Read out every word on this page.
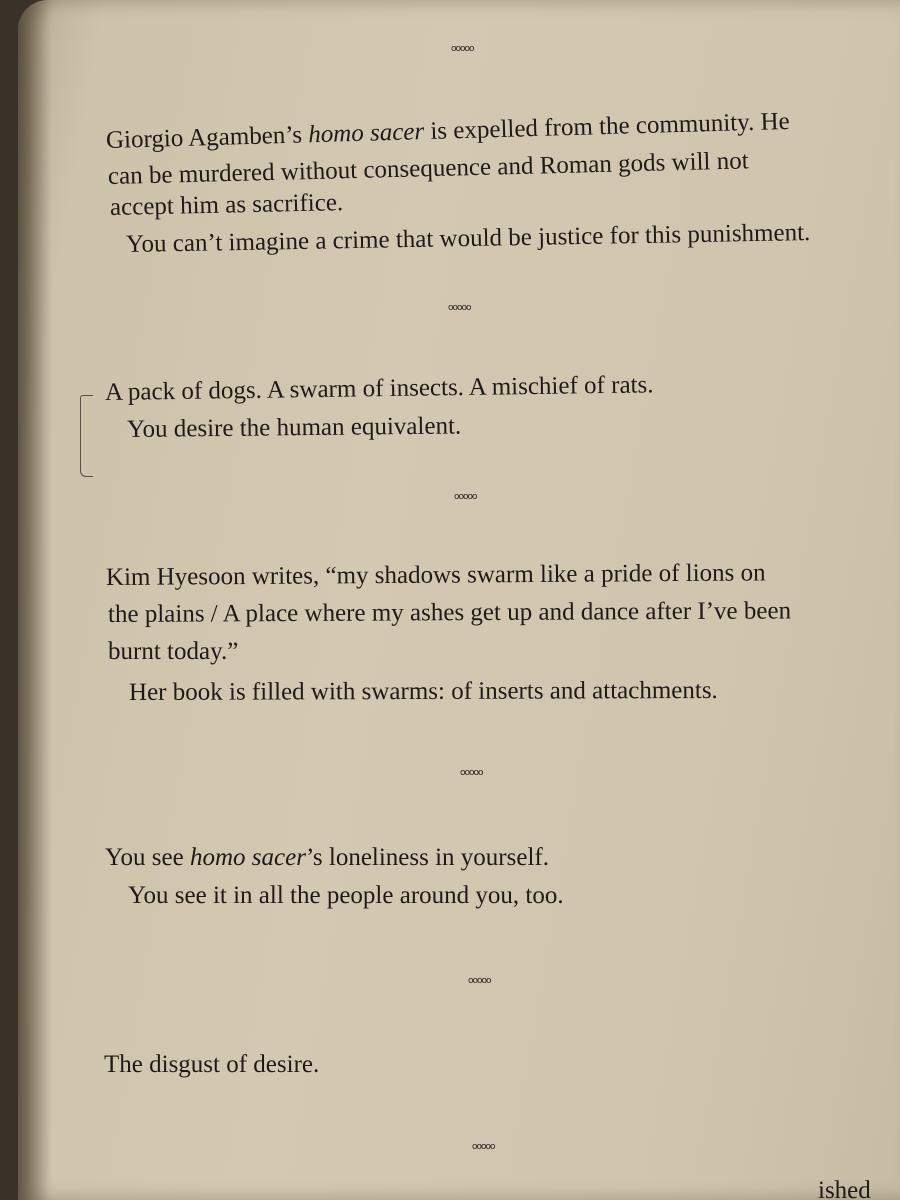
ooooo
Giorgio Agamben’s homo sacer is expelled from the community. He
can be murdered without consequence and Roman gods will not
accept him as sacrifice.
You can’t imagine a crime that would be justice for this punishment.
ooooo
A pack of dogs. A swarm of insects. A mischief of rats.
You desire the human equivalent.
ooooo
Kim Hyesoon writes, “my shadows swarm like a pride of lions on
the plains / A place where my ashes get up and dance after I’ve been
burnt today.”
Her book is filled with swarms: of inserts and attachments.
ooooo
You see homo sacer’s loneliness in yourself.
You see it in all the people around you, too.
ooooo
The disgust of desire.
ooooo
ished
